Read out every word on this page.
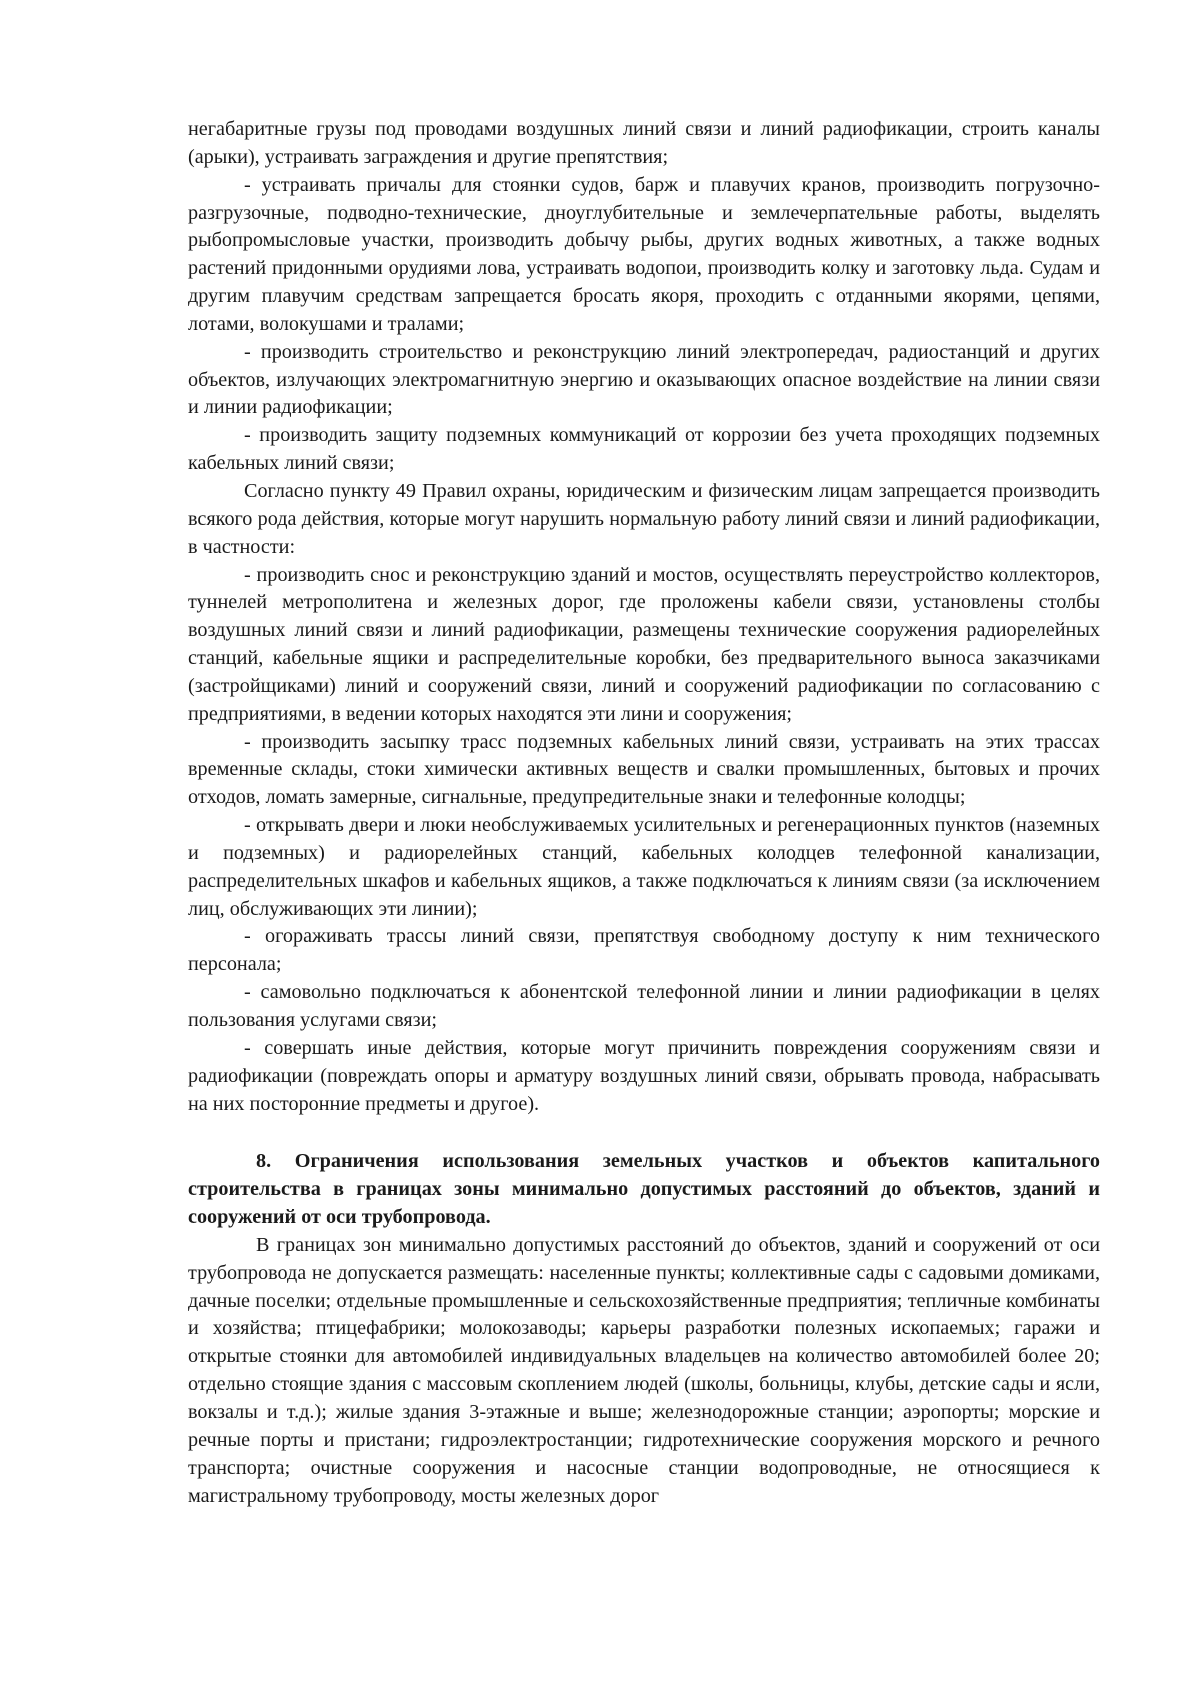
негабаритные грузы под проводами воздушных линий связи и линий радиофикации, строить каналы (арыки), устраивать заграждения и другие препятствия;

- устраивать причалы для стоянки судов, барж и плавучих кранов, производить погрузочно-разгрузочные, подводно-технические, дноуглубительные и землечерпательные работы, выделять рыбопромысловые участки, производить добычу рыбы, других водных животных, а также водных растений придонными орудиями лова, устраивать водопои, производить колку и заготовку льда. Судам и другим плавучим средствам запрещается бросать якоря, проходить с отданными якорями, цепями, лотами, волокушами и тралами;

- производить строительство и реконструкцию линий электропередач, радиостанций и других объектов, излучающих электромагнитную энергию и оказывающих опасное воздействие на линии связи и линии радиофикации;

- производить защиту подземных коммуникаций от коррозии без учета проходящих подземных кабельных линий связи;

Согласно пункту 49 Правил охраны, юридическим и физическим лицам запрещается производить всякого рода действия, которые могут нарушить нормальную работу линий связи и линий радиофикации, в частности:

- производить снос и реконструкцию зданий и мостов, осуществлять переустройство коллекторов, туннелей метрополитена и железных дорог, где проложены кабели связи, установлены столбы воздушных линий связи и линий радиофикации, размещены технические сооружения радиорелейных станций, кабельные ящики и распределительные коробки, без предварительного выноса заказчиками (застройщиками) линий и сооружений связи, линий и сооружений радиофикации по согласованию с предприятиями, в ведении которых находятся эти лини и сооружения;

- производить засыпку трасс подземных кабельных линий связи, устраивать на этих трассах временные склады, стоки химически активных веществ и свалки промышленных, бытовых и прочих отходов, ломать замерные, сигнальные, предупредительные знаки и телефонные колодцы;

- открывать двери и люки необслуживаемых усилительных и регенерационных пунктов (наземных и подземных) и радиорелейных станций, кабельных колодцев телефонной канализации, распределительных шкафов и кабельных ящиков, а также подключаться к линиям связи (за исключением лиц, обслуживающих эти линии);

- огораживать трассы линий связи, препятствуя свободному доступу к ним технического персонала;

- самовольно подключаться к абонентской телефонной линии и линии радиофикации в целях пользования услугами связи;

- совершать иные действия, которые могут причинить повреждения сооружениям связи и радиофикации (повреждать опоры и арматуру воздушных линий связи, обрывать провода, набрасывать на них посторонние предметы и другое).

8. Ограничения использования земельных участков и объектов капитального строительства в границах зоны минимально допустимых расстояний до объектов, зданий и сооружений от оси трубопровода.

В границах зон минимально допустимых расстояний до объектов, зданий и сооружений от оси трубопровода не допускается размещать: населенные пункты; коллективные сады с садовыми домиками, дачные поселки; отдельные промышленные и сельскохозяйственные предприятия; тепличные комбинаты и хозяйства; птицефабрики; молокозаводы; карьеры разработки полезных ископаемых; гаражи и открытые стоянки для автомобилей индивидуальных владельцев на количество автомобилей более 20; отдельно стоящие здания с массовым скоплением людей (школы, больницы, клубы, детские сады и ясли, вокзалы и т.д.); жилые здания 3-этажные и выше; железнодорожные станции; аэропорты; морские и речные порты и пристани; гидроэлектростанции; гидротехнические сооружения морского и речного транспорта; очистные сооружения и насосные станции водопроводные, не относящиеся к магистральному трубопроводу, мосты железных дорог
